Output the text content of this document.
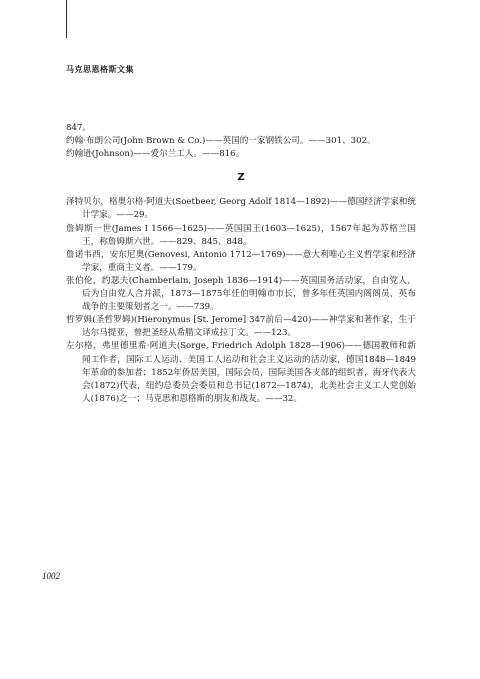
马克思恩格斯文集

847。

约翰·布朗公司(John Brown & Co.)——英国的一家钢铁公司。——301、302。

约翰逊(Johnson)——爱尔兰工人。——816。

Z

泽特贝尔，格奥尔格·阿道夫(Soetbeer, Georg Adolf 1814—1892)——德国经济学家和统计学家。——29。

詹姆斯一世(James I 1566—1625)——英国国王(1603—1625)，1567年起为苏格兰国王，称詹姆斯六世。——829、845、848。

詹诺韦西，安东尼奥(Genovesi, Antonio 1712—1769)——意大利唯心主义哲学家和经济学家，重商主义者。——179。

张伯伦，约瑟夫(Chamberlain, Joseph 1836—1914)——英国国务活动家，自由党人，后为自由党人合并派，1873—1875年任伯明翰市市长，曾多年任英国内阁阁员，英布战争的主要策划者之一。——739。

哲罗姆(圣哲罗姆)(Hieronymus [St. Jerome] 347前后—420)——神学家和著作家，生于达尔马提亚，曾把圣经从希腊文译成拉丁文。——123。

左尔格，弗里德里希·阿道夫(Sorge, Friedrich Adolph 1828—1906)——德国教师和新闻工作者，国际工人运动、美国工人运动和社会主义运动的活动家，德国1848—1849年革命的参加者；1852年侨居美国，国际会员，国际美国各支部的组织者，海牙代表大会(1872)代表，纽约总委员会委员和总书记(1872—1874)，北美社会主义工人党创始人(1876)之一；马克思和恩格斯的朋友和战友。——32。

1002
